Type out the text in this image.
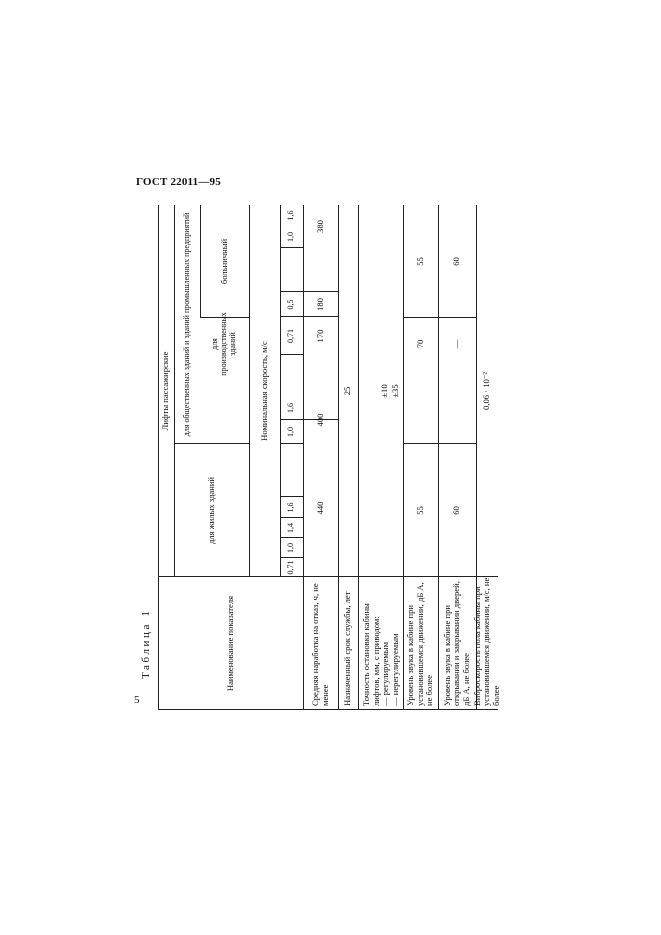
ГОСТ 22011—95
5
Таблица 1	Наименование показателя
Лифты пассажирские
для жилых зданий
для общественных зданий и зданий промышленных предприятий	для производственных зданий
больничный
Номинальная скорость, м/с
0,71
1,0
1,4
1,6
1,0
1,6
0,71
0,5
1,0
1,6
Средняя наработка на отказ, ч, не менее
440
400
170
180
380
Назначенный срок службы, лет
25
Точность остановки кабины лифтов, мм, с приводом: — регулируемым — нерегулируемым
±10 ±35
Уровень звука в кабине при установившемся движении, дБ А, не более
55
70
55
Уровень звука в кабине при открывании и закрывании дверей, дБ А, не более
60
—
60
Виброскорость пола кабины при установившемся движении, м/с, не более
0,06 · 10⁻²
